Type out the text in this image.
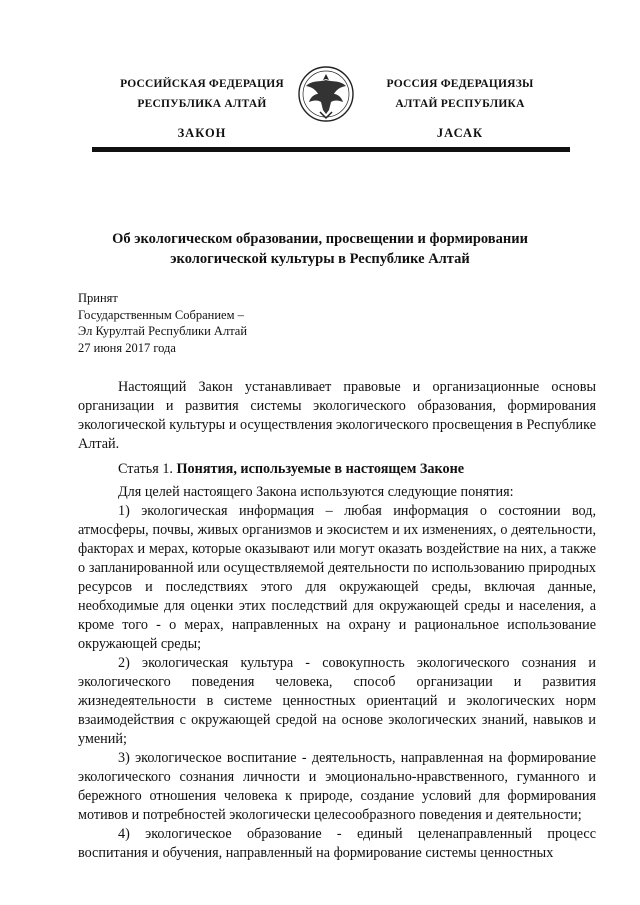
РОССИЙСКАЯ ФЕДЕРАЦИЯ
РЕСПУБЛИКА АЛТАЙ
ЗАКОН
РОССИЯ ФЕДЕРАЦИЯЗЫ
АЛТАЙ РЕСПУБЛИКА
JАСАК
Об экологическом образовании, просвещении и формировании
экологической культуры в Республике Алтай
Принят
Государственным Собранием –
Эл Курултай Республики Алтай
27 июня 2017 года

Настоящий Закон устанавливает правовые и организационные основы организации и развития системы экологического образования, формирования экологической культуры и осуществления экологического просвещения в Республике Алтай.

Статья 1. Понятия, используемые в настоящем Законе

Для целей настоящего Закона используются следующие понятия:

1) экологическая информация – любая информация о состоянии вод, атмосферы, почвы, живых организмов и экосистем и их изменениях, о деятельности, факторах и мерах, которые оказывают или могут оказать воздействие на них, а также о запланированной или осуществляемой деятельности по использованию природных ресурсов и последствиях этого для окружающей среды, включая данные, необходимые для оценки этих последствий для окружающей среды и населения, а кроме того - о мерах, направленных на охрану и рациональное использование окружающей среды;

2) экологическая культура - совокупность экологического сознания и экологического поведения человека, способ организации и развития жизнедеятельности в системе ценностных ориентаций и экологических норм взаимодействия с окружающей средой на основе экологических знаний, навыков и умений;

3) экологическое воспитание - деятельность, направленная на формирование экологического сознания личности и эмоционально-нравственного, гуманного и бережного отношения человека к природе, создание условий для формирования мотивов и потребностей экологически целесообразного поведения и деятельности;

4) экологическое образование - единый целенаправленный процесс воспитания и обучения, направленный на формирование системы ценностных
